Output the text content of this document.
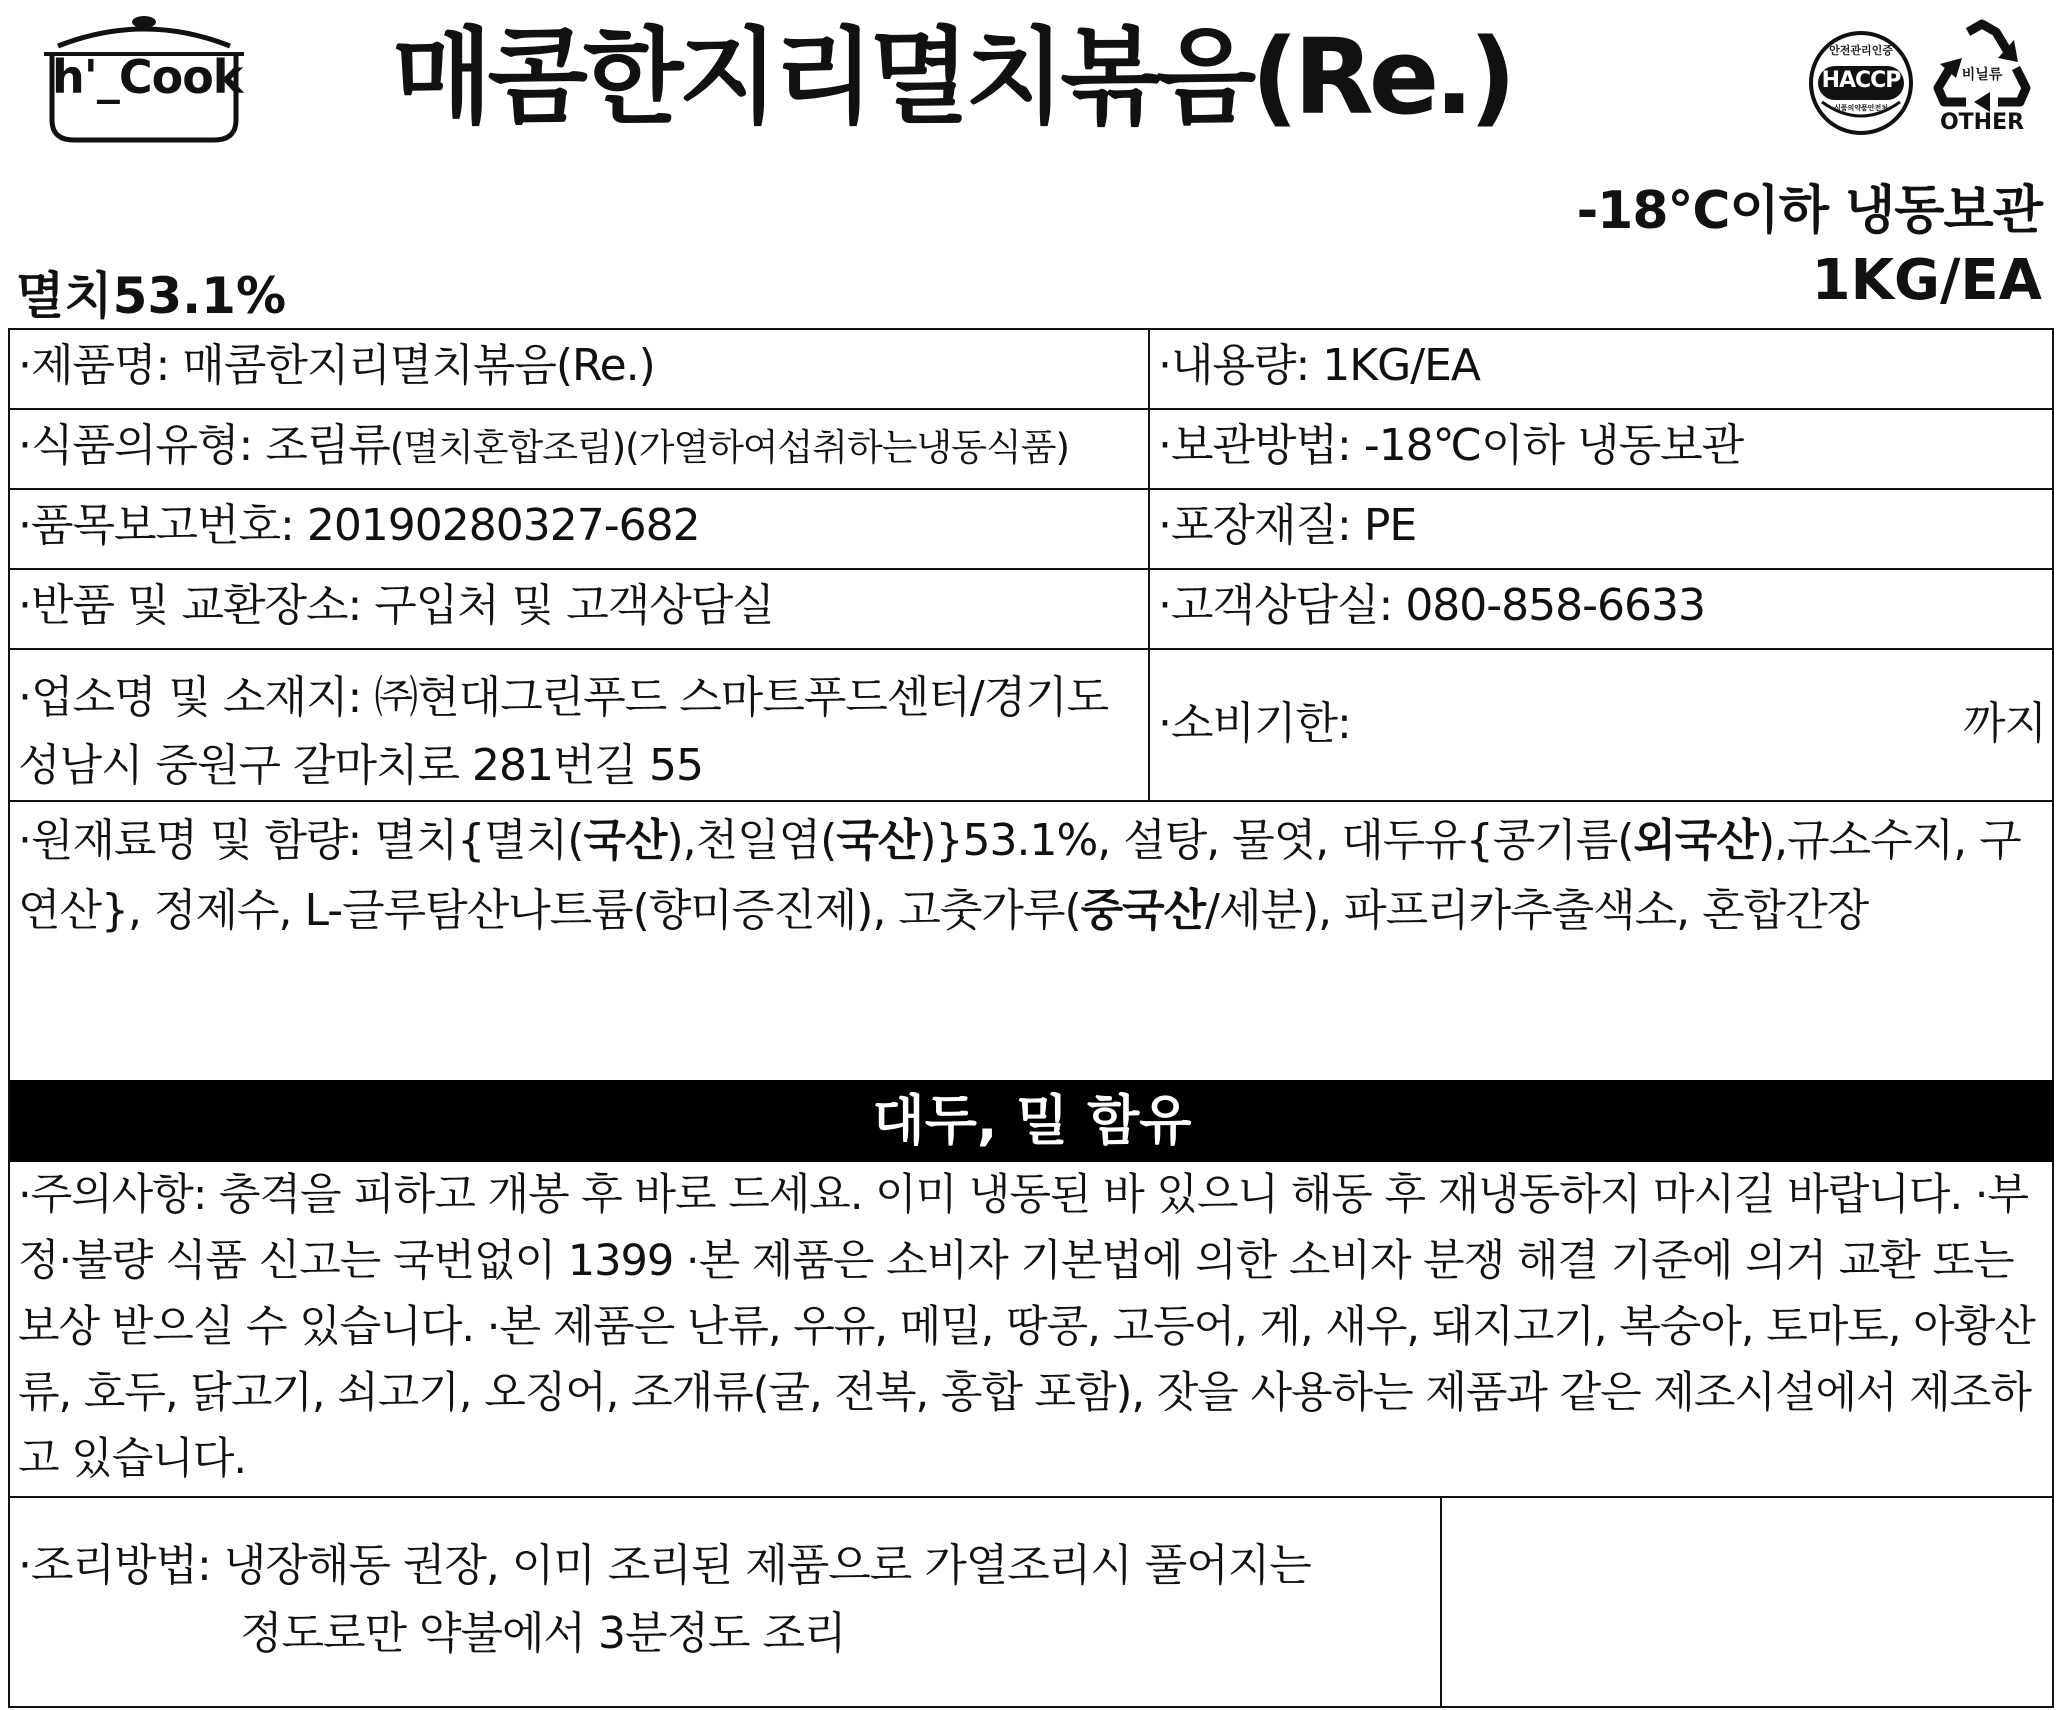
h'_Cook 매콤한지리멸치볶음(Re.)	안전관리인증
HACCP
식품의약품안전처
비닐류
OTHER
-18℃이하 냉동보관
1KG/EA
멸치53.1%
·제품명: 매콤한지리멸치볶음(Re.)	·내용량: 1KG/EA
·식품의유형: 조림류(멸치혼합조림)(가열하여섭취하는냉동식품) ·보관방법: -18℃이하 냉동보관
·품목보고번호: 20190280327-682	·포장재질: PE
·반품 및 교환장소: 구입처 및 고객상담실	·고객상담실: 080-858-6633
·업소명 및 소재지: ㈜현대그린푸드 스마트푸드센터/경기도 성남시 중원구 갈마치로 281번길 55
·소비기한:	까지
·원재료명 및 함량: 멸치{멸치(국산),천일염(국산)}53.1%, 설탕, 물엿, 대두유{콩기름(외국산),규소수지, 구연산}, 정제수, L-글루탐산나트륨(향미증진제), 고춧가루(중국산/세분), 파프리카추출색소, 혼합간장
대두, 밀 함유
·주의사항: 충격을 피하고 개봉 후 바로 드세요. 이미 냉동된 바 있으니 해동 후 재냉동하지 마시길 바랍니다. ·부정·불량 식품 신고는 국번없이 1399 ·본 제품은 소비자 기본법에 의한 소비자 분쟁 해결 기준에 의거 교환 또는 보상 받으실 수 있습니다. ·본 제품은 난류, 우유, 메밀, 땅콩, 고등어, 게, 새우, 돼지고기, 복숭아, 토마토, 아황산류, 호두, 닭고기, 쇠고기, 오징어, 조개류(굴, 전복, 홍합 포함), 잣을 사용하는 제품과 같은 제조시설에서 제조하고 있습니다.
·조리방법: 냉장해동 권장, 이미 조리된 제품으로 가열조리시 풀어지는
정도로만 약불에서 3분정도 조리
